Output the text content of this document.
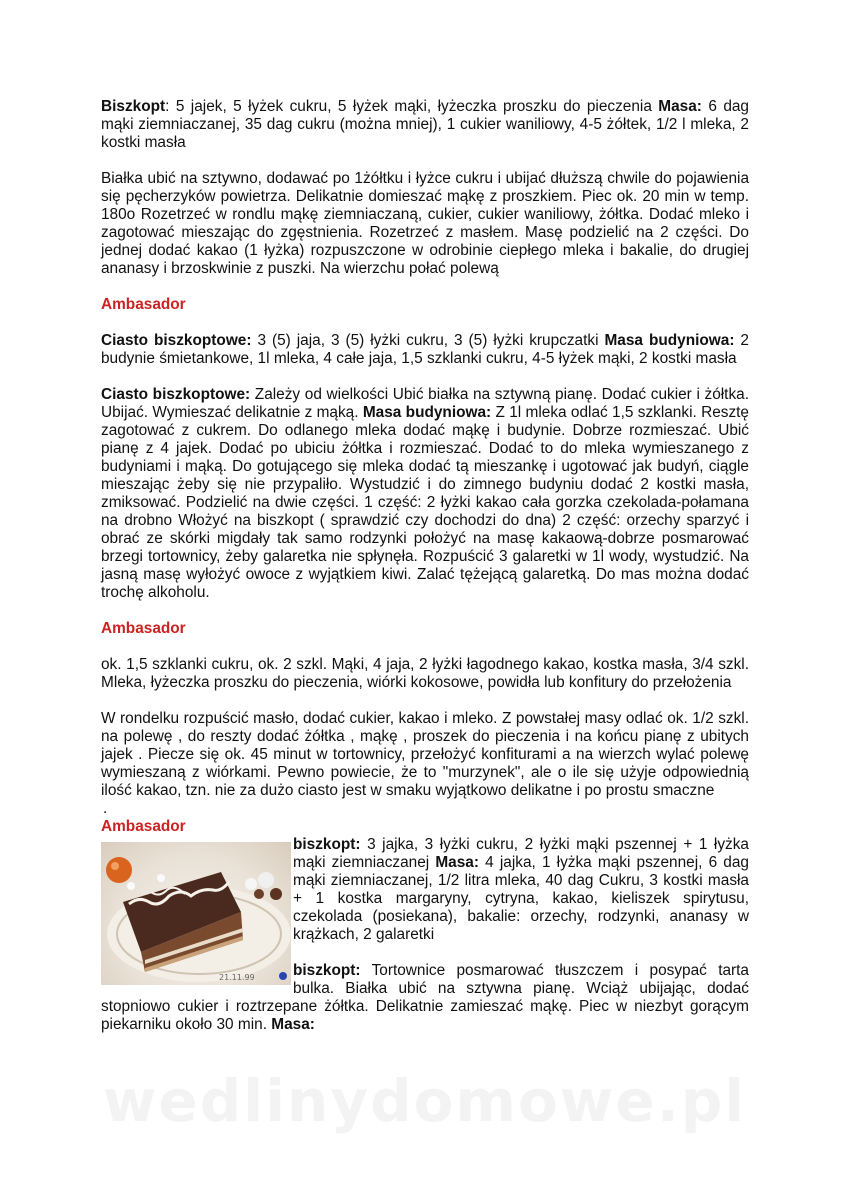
Biszkopt: 5 jajek, 5 łyżek cukru, 5 łyżek mąki, łyżeczka proszku do pieczenia Masa: 6 dag mąki ziemniaczanej, 35 dag cukru (można mniej), 1 cukier waniliowy, 4-5 żółtek, 1/2 l mleka, 2 kostki masła

Białka ubić na sztywno, dodawać po 1żółtku i łyżce cukru i ubijać dłuższą chwile do pojawienia się pęcherzyków powietrza. Delikatnie domieszać mąkę z proszkiem. Piec ok. 20 min w temp. 180o Rozetrzeć w rondlu mąkę ziemniaczaną, cukier, cukier waniliowy, żółtka. Dodać mleko i zagotować mieszając do zgęstnienia. Rozetrzeć z masłem. Masę podzielić na 2 części. Do jednej dodać kakao (1 łyżka) rozpuszczone w odrobinie ciepłego mleka i bakalie, do drugiej ananasy i brzoskwinie z puszki. Na wierzchu połać polewą

Ambasador

Ciasto biszkoptowe: 3 (5) jaja, 3 (5) łyżki cukru, 3 (5) łyżki krupczatki Masa budyniowa: 2 budynie śmietankowe, 1l mleka, 4 całe jaja, 1,5 szklanki cukru, 4-5 łyżek mąki, 2 kostki masła

Ciasto biszkoptowe: Zależy od wielkości Ubić białka na sztywną pianę. Dodać cukier i żółtka. Ubijać. Wymieszać delikatnie z mąką. Masa budyniowa: Z 1l mleka odlać 1,5 szklanki. Resztę zagotować z cukrem. Do odlanego mleka dodać mąkę i budynie. Dobrze rozmieszać. Ubić pianę z 4 jajek. Dodać po ubiciu żółtka i rozmieszać. Dodać to do mleka wymieszanego z budyniami i mąką. Do gotującego się mleka dodać tą mieszankę i ugotować jak budyń, ciągle mieszając żeby się nie przypaliło. Wystudzić i do zimnego budyniu dodać 2 kostki masła, zmiksować. Podzielić na dwie części. 1 część: 2 łyżki kakao cała gorzka czekolada-połamana na drobno Włożyć na biszkopt ( sprawdzić czy dochodzi do dna) 2 część: orzechy sparzyć i obrać ze skórki migdały tak samo rodzynki położyć na masę kakaową-dobrze posmarować brzegi tortownicy, żeby galaretka nie spłynęła. Rozpuścić 3 galaretki w 1l wody, wystudzić. Na jasną masę wyłożyć owoce z wyjątkiem kiwi. Zalać tężejącą galaretką. Do mas można dodać trochę alkoholu.

Ambasador

ok. 1,5 szklanki cukru, ok. 2 szkl. Mąki, 4 jaja, 2 łyżki łagodnego kakao, kostka masła, 3/4 szkl. Mleka, łyżeczka proszku do pieczenia, wiórki kokosowe, powidła lub konfitury do przełożenia

W rondelku rozpuścić masło, dodać cukier, kakao i mleko. Z powstałej masy odlać ok. 1/2 szkl. na polewę , do reszty dodać żółtka , mąkę , proszek do pieczenia i na końcu pianę z ubitych jajek . Piecze się ok. 45 minut w tortownicy, przełożyć konfiturami a na wierzch wylać polewę wymieszaną z wiórkami. Pewno powiecie, że to "murzynek", ale o ile się użyje odpowiednią ilość kakao, tzn. nie za dużo ciasto jest w smaku wyjątkowo delikatne i po prostu smaczne

.
Ambasador
21.11.99

biszkopt: 3 jajka, 3 łyżki cukru, 2 łyżki mąki pszennej + 1 łyżka mąki ziemniaczanej Masa: 4 jajka, 1 łyżka mąki pszennej, 6 dag mąki ziemniaczanej, 1/2 litra mleka, 40 dag Cukru, 3 kostki masła + 1 kostka margaryny, cytryna, kakao, kieliszek spirytusu, czekolada (posiekana), bakalie: orzechy, rodzynki, ananasy w krążkach, 2 galaretki

biszkopt: Tortownice posmarować tłuszczem i posypać tarta bulka. Białka ubić na sztywna pianę. Wciąż ubijając, dodać stopniowo cukier i roztrzepane żółtka. Delikatnie zamieszać mąkę. Piec w niezbyt gorącym piekarniku około 30 min. Masa:

wedlinydomowe.pl
